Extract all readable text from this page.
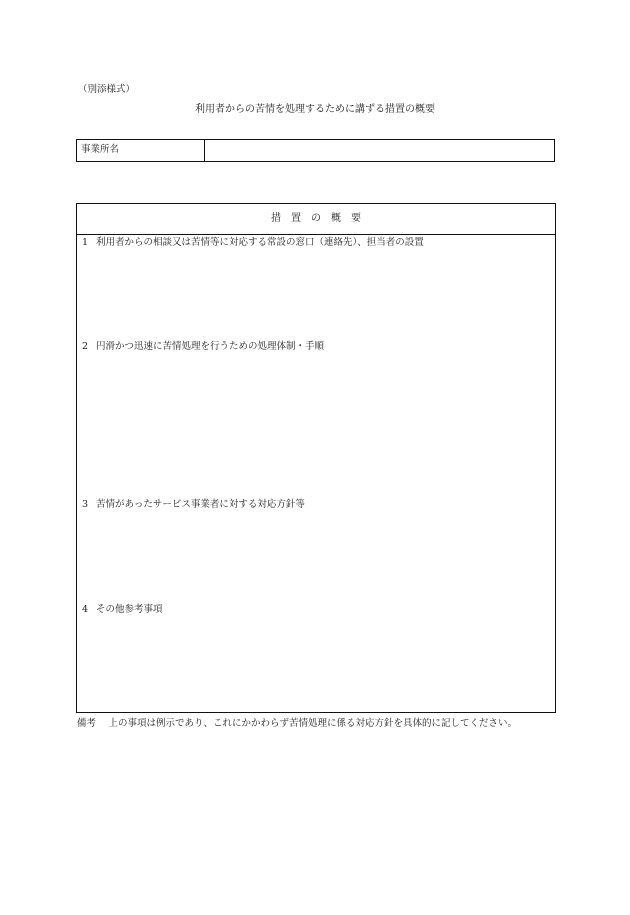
（別添様式）
利用者からの苦情を処理するために講ずる措置の概要
事業所名
措　置　の　概　要
1 利用者からの相談又は苦情等に対応する常設の窓口（連絡先）、担当者の設置
2 円滑かつ迅速に苦情処理を行うための処理体制・手順
3 苦情があったサービス事業者に対する対応方針等
4 その他参考事項
備考　 上の事項は例示であり、これにかかわらず苦情処理に係る対応方針を具体的に記してください。
